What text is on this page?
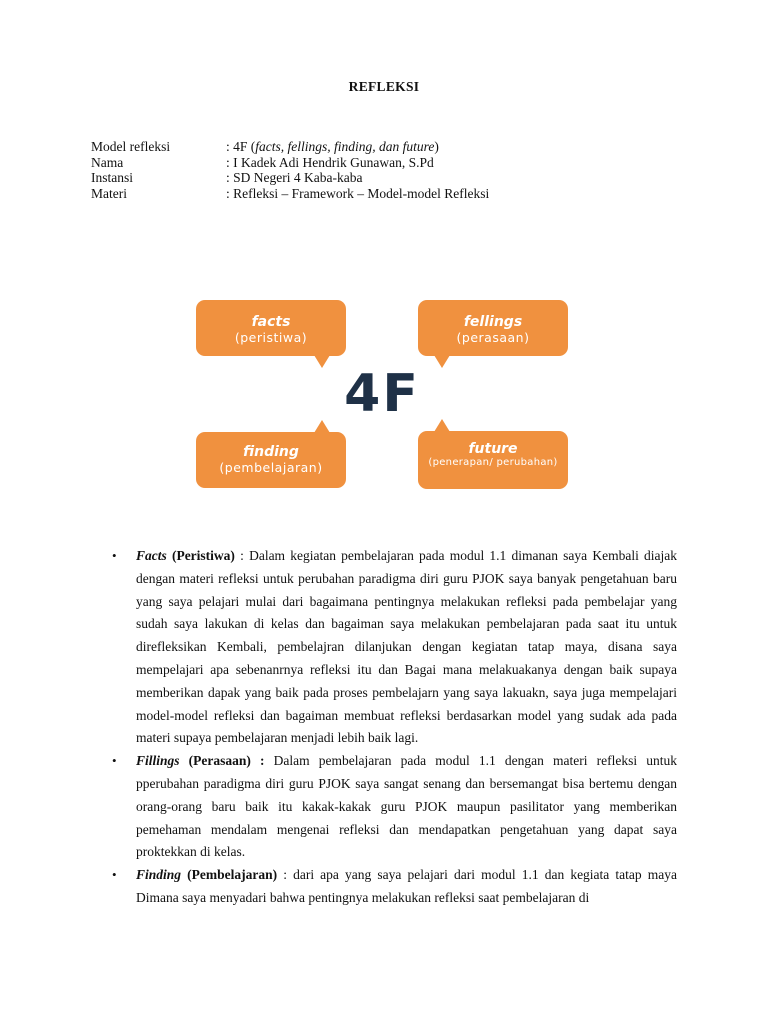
REFLEKSI
Model refleksi	: 4F (facts, fellings, finding, dan future)
Nama	: I Kadek Adi Hendrik Gunawan, S.Pd
Instansi	: SD Negeri 4 Kaba-kaba
Materi	: Refleksi – Framework – Model-model Refleksi
facts
(peristiwa)
fellings
(perasaan)
4F
finding
(pembelajaran)
future
(penerapan/ perubahan)
• Facts (Peristiwa) : Dalam kegiatan pembelajaran pada modul 1.1 dimanan saya Kembali diajak dengan materi refleksi untuk perubahan paradigma diri guru PJOK saya banyak pengetahuan baru yang saya pelajari mulai dari bagaimana pentingnya melakukan refleksi pada pembelajar yang sudah saya lakukan di kelas dan bagaiman saya melakukan pembelajaran pada saat itu untuk direfleksikan Kembali, pembelajran dilanjukan dengan kegiatan tatap maya, disana saya mempelajari apa sebenanrnya refleksi itu dan Bagai mana melakuakanya dengan baik supaya memberikan dapak yang baik pada proses pembelajarn yang saya lakuakn, saya juga mempelajari model-model refleksi dan bagaiman membuat refleksi berdasarkan model yang sudak ada pada materi supaya pembelajaran menjadi lebih baik lagi.
• Fillings (Perasaan) : Dalam pembelajaran pada modul 1.1 dengan materi refleksi untuk pperubahan paradigma diri guru PJOK saya sangat senang dan bersemangat bisa bertemu dengan orang-orang baru baik itu kakak-kakak guru PJOK maupun pasilitator yang memberikan pemehaman mendalam mengenai refleksi dan mendapatkan pengetahuan yang dapat saya proktekkan di kelas.
• Finding (Pembelajaran) : dari apa yang saya pelajari dari modul 1.1 dan kegiata tatap maya Dimana saya menyadari bahwa pentingnya melakukan refleksi saat pembelajaran di
